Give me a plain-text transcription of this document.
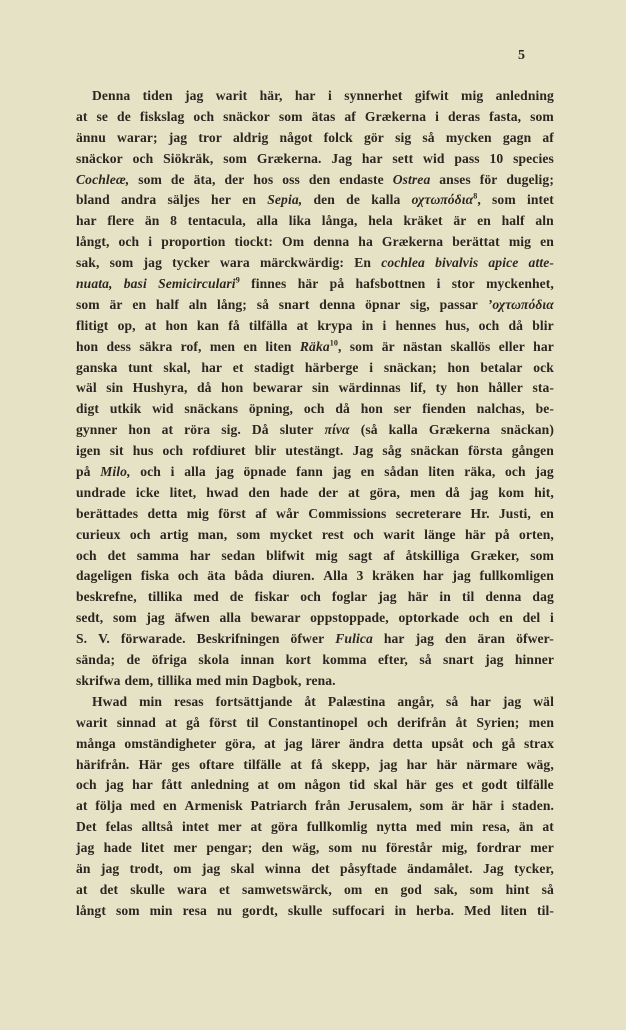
5
Denna tiden jag warit här, har i synnerhet gifwit mig anledning
at se de fiskslag och snäckor som ätas af Grækerna i deras fasta, som
ännu warar; jag tror aldrig något folck gör sig så mycken gagn af
snäckor och Siökräk, som Grækerna. Jag har sett wid pass 10 species
Cochleæ, som de äta, der hos oss den endaste Ostrea anses för dugelig;
bland andra säljes her en Sepia, den de kalla οχτωπόδια$^8$, som intet
har flere än 8 tentacula, alla lika långa, hela kräket är en half aln
långt, och i proportion tiockt: Om denna ha Grækerna berättat mig en
sak, som jag tycker wara märckwärdig: En cochlea bivalvis apice atte-
nuata, basi Semicirculari$^9$ finnes här på hafsbottnen i stor myckenhet,
som är en half aln lång; så snart denna öpnar sig, passar ’οχτωπόδια
flitigt op, at hon kan få tilfälla at krypa in i hennes hus, och då blir
hon dess säkra rof, men en liten Räka$^{10}$, som är nästan skallös eller har
ganska tunt skal, har et stadigt härberge i snäckan; hon betalar ock
wäl sin Hushyra, då hon bewarar sin wärdinnas lif, ty hon håller sta-
digt utkik wid snäckans öpning, och då hon ser fienden nalchas, be-
gynner hon at röra sig. Då sluter πίνα (så kalla Grækerna snäckan)
igen sit hus och rofdiuret blir utestängt. Jag såg snäckan första gången
på Milo, och i alla jag öpnade fann jag en sådan liten räka, och jag
undrade icke litet, hwad den hade der at göra, men då jag kom hit,
berättades detta mig först af wår Commissions secreterare Hr. Justi, en
curieux och artig man, som mycket rest och warit länge här på orten,
och det samma har sedan blifwit mig sagt af åtskilliga Græker, som
dageligen fiska och äta båda diuren. Alla 3 kräken har jag fullkomligen
beskrefne, tillika med de fiskar och foglar jag här in til denna dag
sedt, som jag äfwen alla bewarar oppstoppade, optorkade och en del i
S. V. förwarade. Beskrifningen öfwer Fulica har jag den äran öfwer-
sända; de öfriga skola innan kort komma efter, så snart jag hinner
skrifwa dem, tillika med min Dagbok, rena.
Hwad min resas fortsättjande åt Palæstina angår, så har jag wäl
warit sinnad at gå först til Constantinopel och derifrån åt Syrien; men
många omständigheter göra, at jag lärer ändra detta upsåt och gå strax
härifrån. Här ges oftare tilfälle at få skepp, jag har här närmare wäg,
och jag har fått anledning at om någon tid skal här ges et godt tilfälle
at följa med en Armenisk Patriarch från Jerusalem, som är här i staden.
Det felas alltså intet mer at göra fullkomlig nytta med min resa, än at
jag hade litet mer pengar; den wäg, som nu förestår mig, fordrar mer
än jag trodt, om jag skal winna det påsyftade ändamålet. Jag tycker,
at det skulle wara et samwetswärck, om en god sak, som hint så
långt som min resa nu gordt, skulle suffocari in herba. Med liten til-
